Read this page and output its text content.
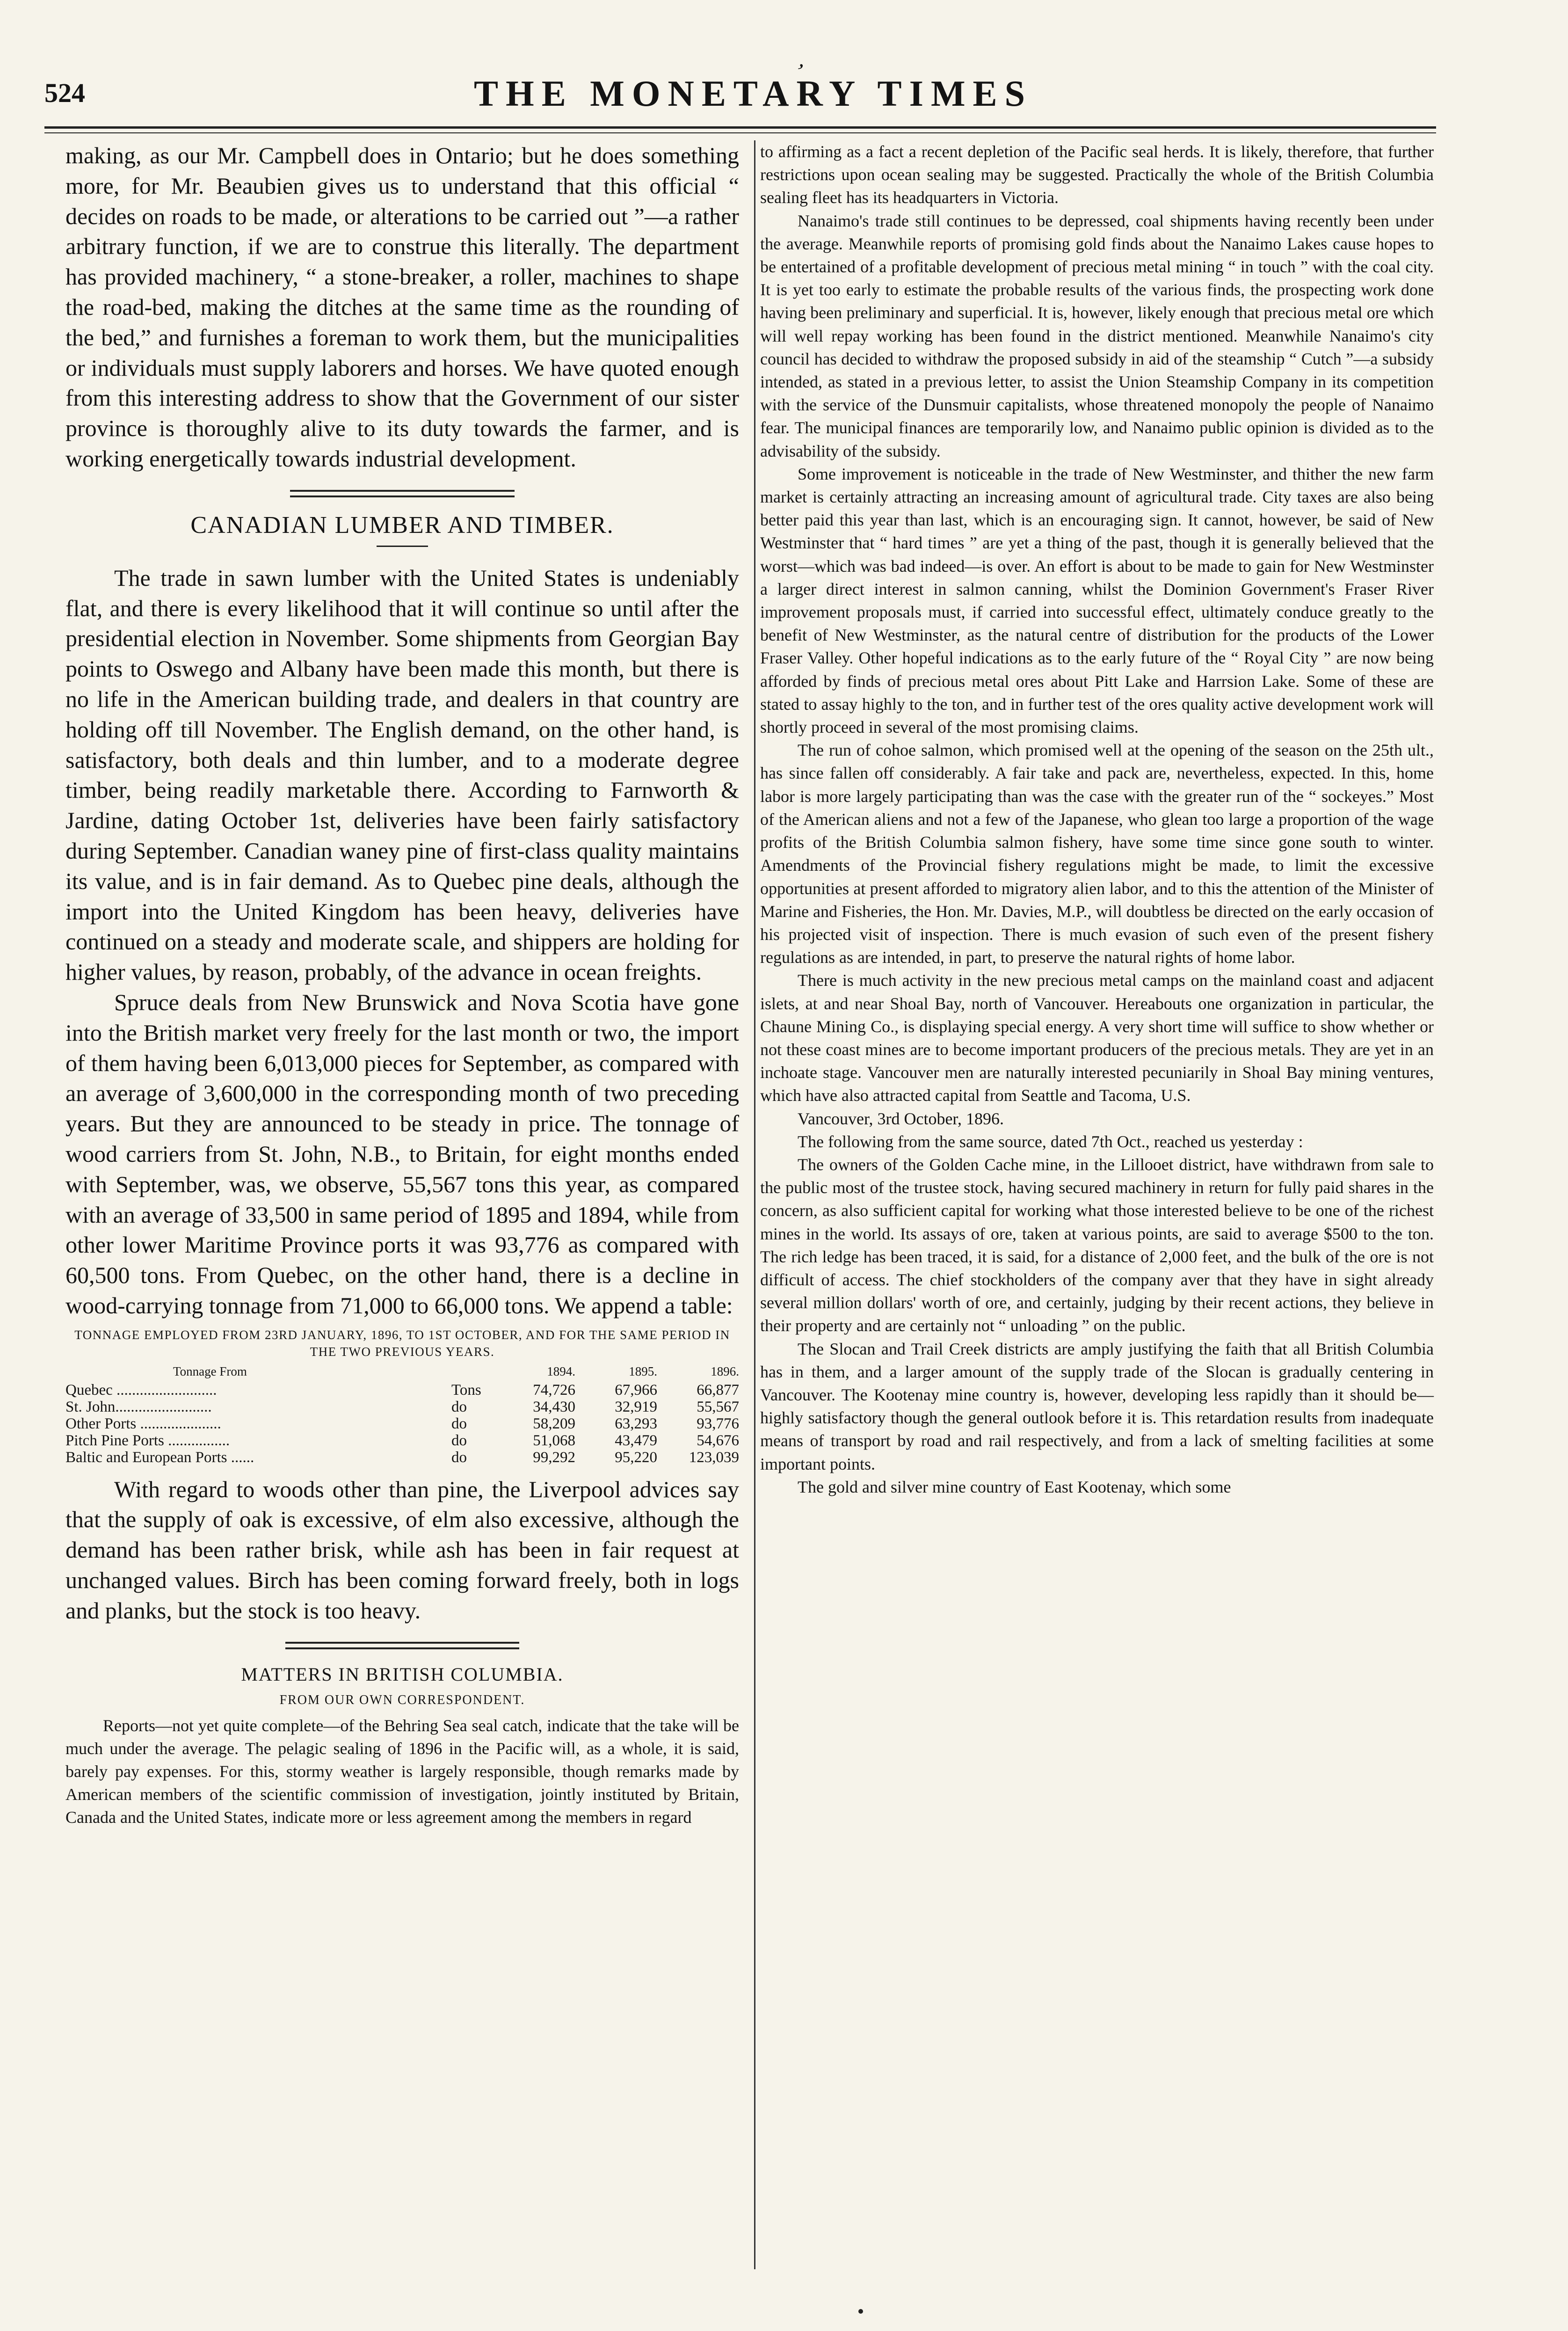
,
524	THE MONETARY TIMES

making, as our Mr. Campbell does in Ontario; but he does something more, for Mr. Beaubien gives us to understand that this official “ decides on roads to be made, or alterations to be carried out ”—a rather arbitrary function, if we are to construe this literally. The department has provided machinery, “ a stone-breaker, a roller, machines to shape the road-bed, making the ditches at the same time as the rounding of the bed,” and furnishes a foreman to work them, but the municipalities or individuals must supply laborers and horses. We have quoted enough from this interesting address to show that the Government of our sister province is thoroughly alive to its duty towards the farmer, and is working energetically towards industrial development.

CANADIAN LUMBER AND TIMBER.

The trade in sawn lumber with the United States is undeniably flat, and there is every likelihood that it will continue so until after the presidential election in November. Some shipments from Georgian Bay points to Oswego and Albany have been made this month, but there is no life in the American building trade, and dealers in that country are holding off till November. The English demand, on the other hand, is satisfactory, both deals and thin lumber, and to a moderate degree timber, being readily marketable there. According to Farnworth & Jardine, dating October 1st, deliveries have been fairly satisfactory during September. Canadian waney pine of first-class quality maintains its value, and is in fair demand. As to Quebec pine deals, although the import into the United Kingdom has been heavy, deliveries have continued on a steady and moderate scale, and shippers are holding for higher values, by reason, probably, of the advance in ocean freights.

Spruce deals from New Brunswick and Nova Scotia have gone into the British market very freely for the last month or two, the import of them having been 6,013,000 pieces for September, as compared with an average of 3,600,000 in the corresponding month of two preceding years. But they are announced to be steady in price. The tonnage of wood carriers from St. John, N.B., to Britain, for eight months ended with September, was, we observe, 55,567 tons this year, as compared with an average of 33,500 in same period of 1895 and 1894, while from other lower Maritime Province ports it was 93,776 as compared with 60,500 tons. From Quebec, on the other hand, there is a decline in wood-carrying tonnage from 71,000 to 66,000 tons. We append a table:

TONNAGE EMPLOYED FROM 23RD JANUARY, 1896, TO 1ST OCTOBER, AND FOR THE SAME PERIOD IN THE TWO PREVIOUS YEARS.
Tonnage From		1894.	1895.	1896.
Quebec ..........................	Tons	74,726	67,966	66,877
St. John.........................	do	34,430	32,919	55,567
Other Ports .....................	do	58,209	63,293	93,776
Pitch Pine Ports ................	do	51,068	43,479	54,676
Baltic and European Ports ......	do	99,292	95,220	123,039

With regard to woods other than pine, the Liverpool advices say that the supply of oak is excessive, of elm also excessive, although the demand has been rather brisk, while ash has been in fair request at unchanged values. Birch has been coming forward freely, both in logs and planks, but the stock is too heavy.

MATTERS IN BRITISH COLUMBIA.
FROM OUR OWN CORRESPONDENT.

Reports—not yet quite complete—of the Behring Sea seal catch, indicate that the take will be much under the average. The pelagic sealing of 1896 in the Pacific will, as a whole, it is said, barely pay expenses. For this, stormy weather is largely responsible, though remarks made by American members of the scientific commission of investigation, jointly instituted by Britain, Canada and the United States, indicate more or less agreement among the members in regard

to affirming as a fact a recent depletion of the Pacific seal herds. It is likely, therefore, that further restrictions upon ocean sealing may be suggested. Practically the whole of the British Columbia sealing fleet has its headquarters in Victoria.

Nanaimo's trade still continues to be depressed, coal shipments having recently been under the average. Meanwhile reports of promising gold finds about the Nanaimo Lakes cause hopes to be entertained of a profitable development of precious metal mining “ in touch ” with the coal city. It is yet too early to estimate the probable results of the various finds, the prospecting work done having been preliminary and superficial. It is, however, likely enough that precious metal ore which will well repay working has been found in the district mentioned. Meanwhile Nanaimo's city council has decided to withdraw the proposed subsidy in aid of the steamship “ Cutch ”—a subsidy intended, as stated in a previous letter, to assist the Union Steamship Company in its competition with the service of the Dunsmuir capitalists, whose threatened monopoly the people of Nanaimo fear. The municipal finances are temporarily low, and Nanaimo public opinion is divided as to the advisability of the subsidy.

Some improvement is noticeable in the trade of New Westminster, and thither the new farm market is certainly attracting an increasing amount of agricultural trade. City taxes are also being better paid this year than last, which is an encouraging sign. It cannot, however, be said of New Westminster that “ hard times ” are yet a thing of the past, though it is generally believed that the worst—which was bad indeed—is over. An effort is about to be made to gain for New Westminster a larger direct interest in salmon canning, whilst the Dominion Government's Fraser River improvement proposals must, if carried into successful effect, ultimately conduce greatly to the benefit of New Westminster, as the natural centre of distribution for the products of the Lower Fraser Valley. Other hopeful indications as to the early future of the “ Royal City ” are now being afforded by finds of precious metal ores about Pitt Lake and Harrsion Lake. Some of these are stated to assay highly to the ton, and in further test of the ores quality active development work will shortly proceed in several of the most promising claims.

The run of cohoe salmon, which promised well at the opening of the season on the 25th ult., has since fallen off considerably. A fair take and pack are, nevertheless, expected. In this, home labor is more largely participating than was the case with the greater run of the “ sockeyes.” Most of the American aliens and not a few of the Japanese, who glean too large a proportion of the wage profits of the British Columbia salmon fishery, have some time since gone south to winter. Amendments of the Provincial fishery regulations might be made, to limit the excessive opportunities at present afforded to migratory alien labor, and to this the attention of the Minister of Marine and Fisheries, the Hon. Mr. Davies, M.P., will doubtless be directed on the early occasion of his projected visit of inspection. There is much evasion of such even of the present fishery regulations as are intended, in part, to preserve the natural rights of home labor.

There is much activity in the new precious metal camps on the mainland coast and adjacent islets, at and near Shoal Bay, north of Vancouver. Hereabouts one organization in particular, the Chaune Mining Co., is displaying special energy. A very short time will suffice to show whether or not these coast mines are to become important producers of the precious metals. They are yet in an inchoate stage. Vancouver men are naturally interested pecuniarily in Shoal Bay mining ventures, which have also attracted capital from Seattle and Tacoma, U.S.

Vancouver, 3rd October, 1896.

The following from the same source, dated 7th Oct., reached us yesterday :

The owners of the Golden Cache mine, in the Lillooet district, have withdrawn from sale to the public most of the trustee stock, having secured machinery in return for fully paid shares in the concern, as also sufficient capital for working what those interested believe to be one of the richest mines in the world. Its assays of ore, taken at various points, are said to average $500 to the ton. The rich ledge has been traced, it is said, for a distance of 2,000 feet, and the bulk of the ore is not difficult of access. The chief stockholders of the company aver that they have in sight already several million dollars' worth of ore, and certainly, judging by their recent actions, they believe in their property and are certainly not “ unloading ” on the public.

The Slocan and Trail Creek districts are amply justifying the faith that all British Columbia has in them, and a larger amount of the supply trade of the Slocan is gradually centering in Vancouver. The Kootenay mine country is, however, developing less rapidly than it should be—highly satisfactory though the general outlook before it is. This retardation results from inadequate means of transport by road and rail respectively, and from a lack of smelting facilities at some important points.

The gold and silver mine country of East Kootenay, which some
